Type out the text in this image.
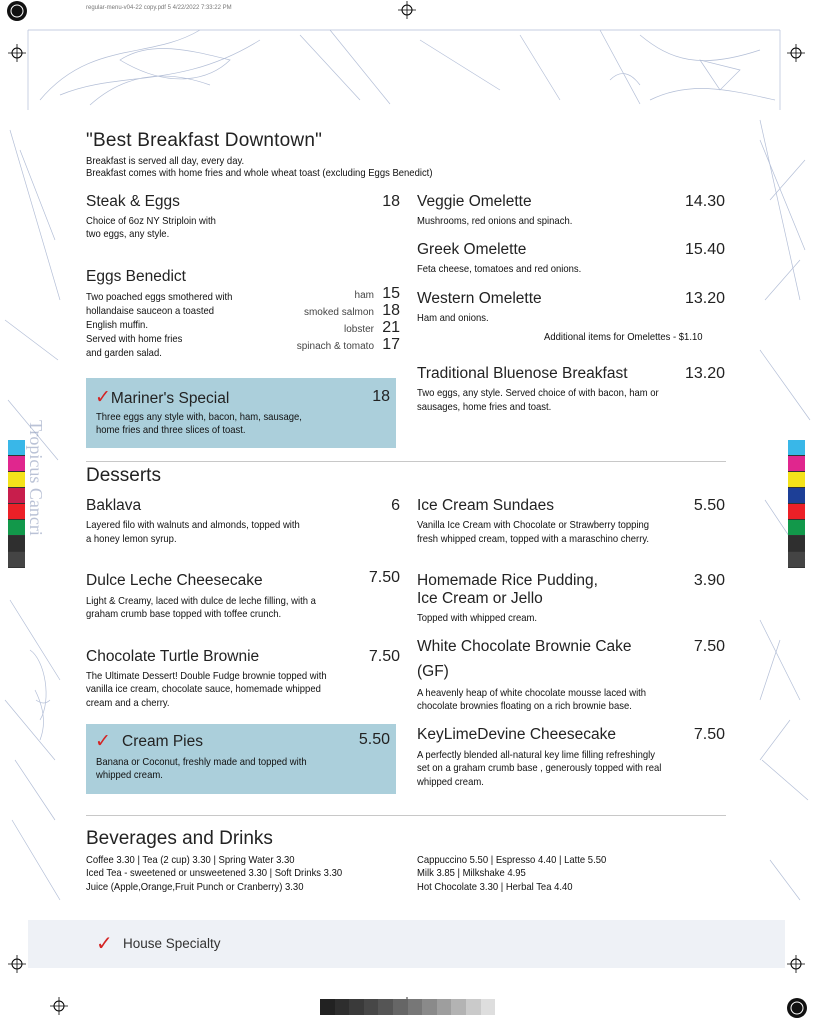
Tropicus Cancri
regular-menu-v04-22 copy.pdf 5 4/22/2022 7:33:22 PM
"Best Breakfast Downtown"
Breakfast is served all day, every day.
Breakfast comes with home fries and whole wheat toast (excluding Eggs Benedict)
Steak & Eggs	18
Choice of 6oz NY Striploin with
two eggs, any style.
Eggs Benedict
Two poached eggs smothered with
hollandaise sauceon a toasted
English muffin.
Served with home fries
and garden salad.
ham 15
smoked salmon 18
lobster 21
spinach & tomato 17
✓Mariner's Special	18
Three eggs any style with, bacon, ham, sausage,
home fries and three slices of toast.
Veggie Omelette	14.30
Mushrooms, red onions and spinach.
Greek Omelette	15.40
Feta cheese, tomatoes and red onions.
Western Omelette	13.20
Ham and onions.
Additional items for Omelettes - $1.10
Traditional Bluenose Breakfast	13.20
Two eggs, any style. Served choice of with bacon, ham or
sausages, home fries and toast.
Desserts
Baklava	6
Layered filo with walnuts and almonds, topped with
a honey lemon syrup.
Dulce Leche Cheesecake	7.50
Light & Creamy, laced with dulce de leche filling, with a
graham crumb base topped with toffee crunch.
Chocolate Turtle Brownie	7.50
The Ultimate Dessert! Double Fudge brownie topped with
vanilla ice cream, chocolate sauce, homemade whipped
cream and a cherry.
✓ Cream Pies	5.50
Banana or Coconut, freshly made and topped with
whipped cream.
Ice Cream Sundaes	5.50
Vanilla Ice Cream with Chocolate or Strawberry topping
fresh whipped cream, topped with a maraschino cherry.
Homemade Rice Pudding,
Ice Cream or Jello
3.90
Topped with whipped cream.
White Chocolate Brownie Cake
(GF)
7.50
A heavenly heap of white chocolate mousse laced with
chocolate brownies floating on a rich brownie base.
KeyLimeDevine Cheesecake	7.50
A perfectly blended all-natural key lime filling refreshingly
set on a graham crumb base , generously topped with real
whipped cream.
Beverages and Drinks
Coffee 3.30 | Tea (2 cup) 3.30 | Spring Water 3.30
Iced Tea - sweetened or unsweetened 3.30 | Soft Drinks 3.30
Juice (Apple,Orange,Fruit Punch or Cranberry) 3.30
Cappuccino 5.50 | Espresso 4.40 | Latte 5.50
Milk 3.85 | Milkshake 4.95
Hot Chocolate 3.30 | Herbal Tea 4.40
✓ House Specialty
